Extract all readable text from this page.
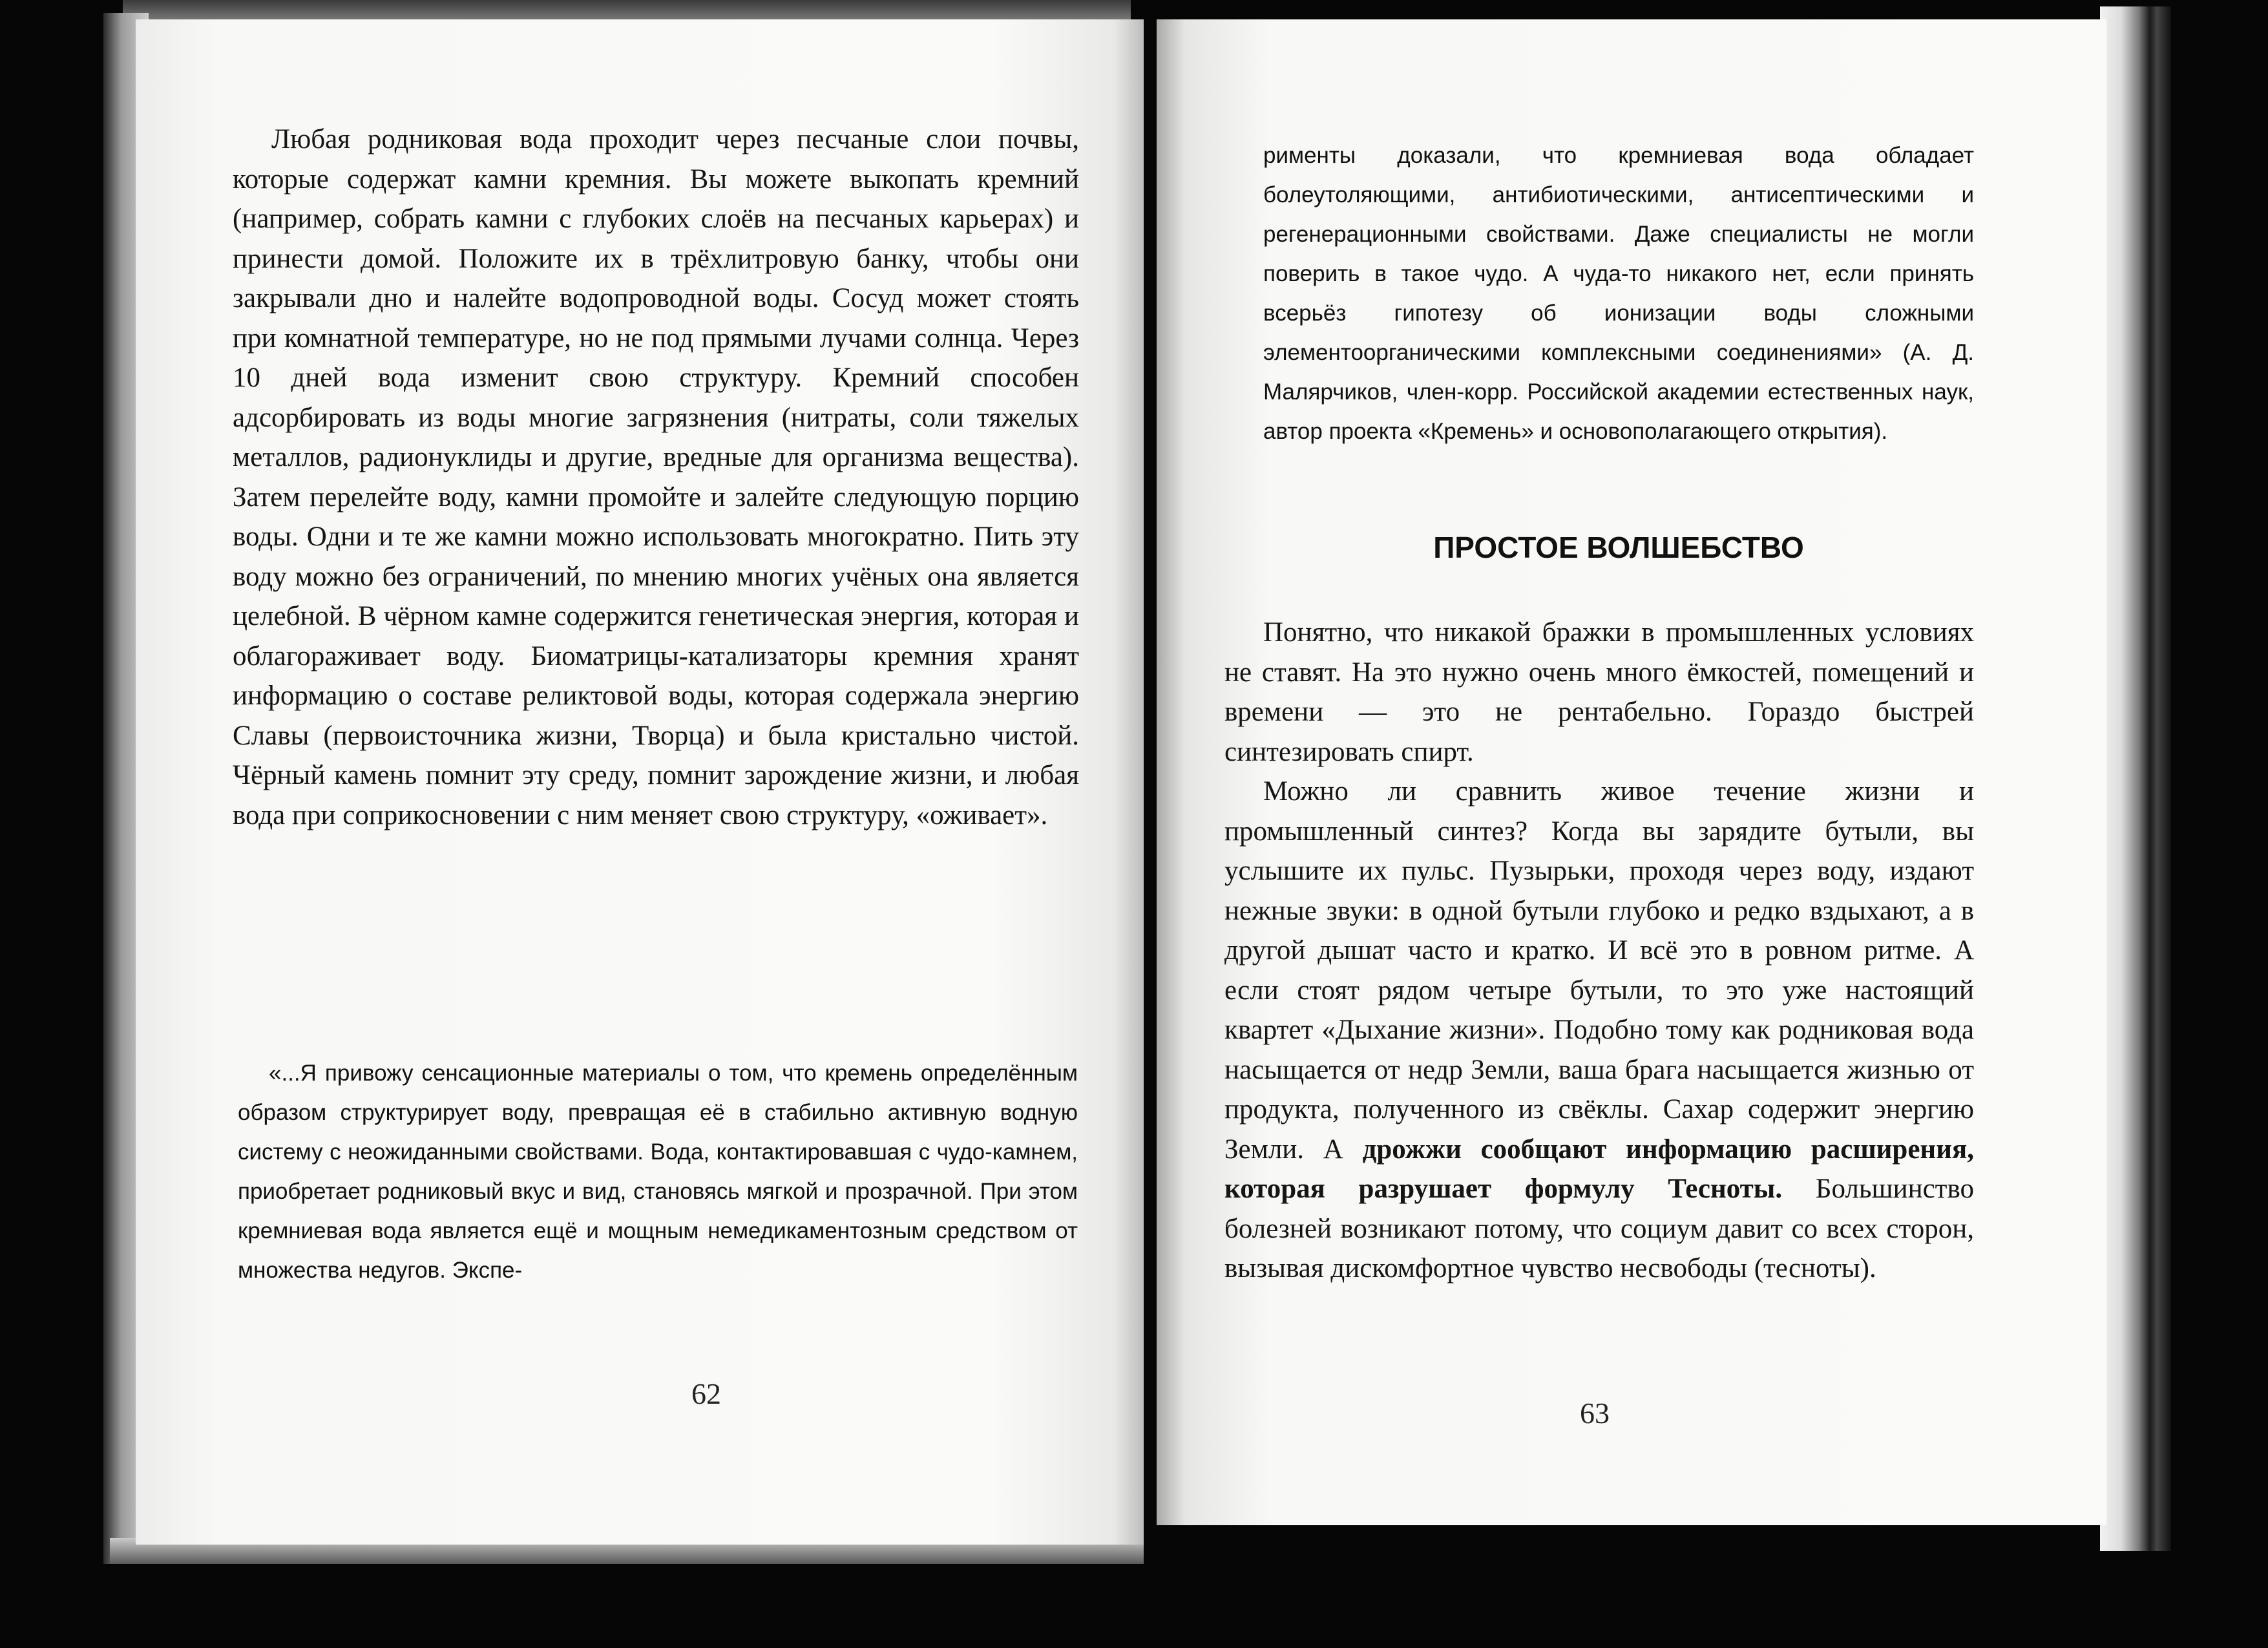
Любая родниковая вода проходит через песчаные слои почвы, которые содержат камни кремния. Вы можете выкопать кремний (например, собрать камни с глубоких слоёв на песчаных карьерах) и принести домой. Положите их в трёхлитровую банку, чтобы они закрывали дно и налейте водопроводной воды. Сосуд может стоять при комнатной температуре, но не под прямыми лучами солнца. Через 10 дней вода изменит свою структуру. Кремний способен адсорбировать из воды многие загрязнения (нитраты, соли тяжелых металлов, радионуклиды и другие, вредные для организма вещества). Затем перелейте воду, камни промойте и залейте следующую порцию воды. Одни и те же камни можно использовать многократно. Пить эту воду можно без ограничений, по мнению многих учёных она является целебной. В чёрном камне содержится генетическая энергия, которая и облагораживает воду. Биоматрицы-катализаторы кремния хранят информацию о составе реликтовой воды, которая содержала энергию Славы (первоисточника жизни, Творца) и была кристально чистой. Чёрный камень помнит эту среду, помнит зарождение жизни, и любая вода при соприкосновении с ним меняет свою структуру, «оживает».

«...Я привожу сенсационные материалы о том, что кремень определённым образом структурирует воду, превращая её в стабильно активную водную систему с неожиданными свойствами. Вода, контактировавшая с чудо-камнем, приобретает родниковый вкус и вид, становясь мягкой и прозрачной. При этом кремниевая вода является ещё и мощным немедикаментозным средством от множества недугов. Экспе-

62

рименты доказали, что кремниевая вода обладает болеутоляющими, антибиотическими, антисептическими и регенерационными свойствами. Даже специалисты не могли поверить в такое чудо. А чуда-то никакого нет, если принять всерьёз гипотезу об ионизации воды сложными элементоорганическими комплексными соединениями» (А. Д. Малярчиков, член-корр. Российской академии естественных наук, автор проекта «Кремень» и основополагающего открытия).

ПРОСТОЕ ВОЛШЕБСТВО

Понятно, что никакой бражки в промышленных условиях не ставят. На это нужно очень много ёмкостей, помещений и времени — это не рентабельно. Гораздо быстрей синтезировать спирт.

Можно ли сравнить живое течение жизни и промышленный синтез? Когда вы зарядите бутыли, вы услышите их пульс. Пузырьки, проходя через воду, издают нежные звуки: в одной бутыли глубоко и редко вздыхают, а в другой дышат часто и кратко. И всё это в ровном ритме. А если стоят рядом четыре бутыли, то это уже настоящий квартет «Дыхание жизни». Подобно тому как родниковая вода насыщается от недр Земли, ваша брага насыщается жизнью от продукта, полученного из свёклы. Сахар содержит энергию Земли. А дрожжи сообщают информацию расширения, которая разрушает формулу Тесноты. Большинство болезней возникают потому, что социум давит со всех сторон, вызывая дискомфортное чувство несвободы (тесноты).

63
